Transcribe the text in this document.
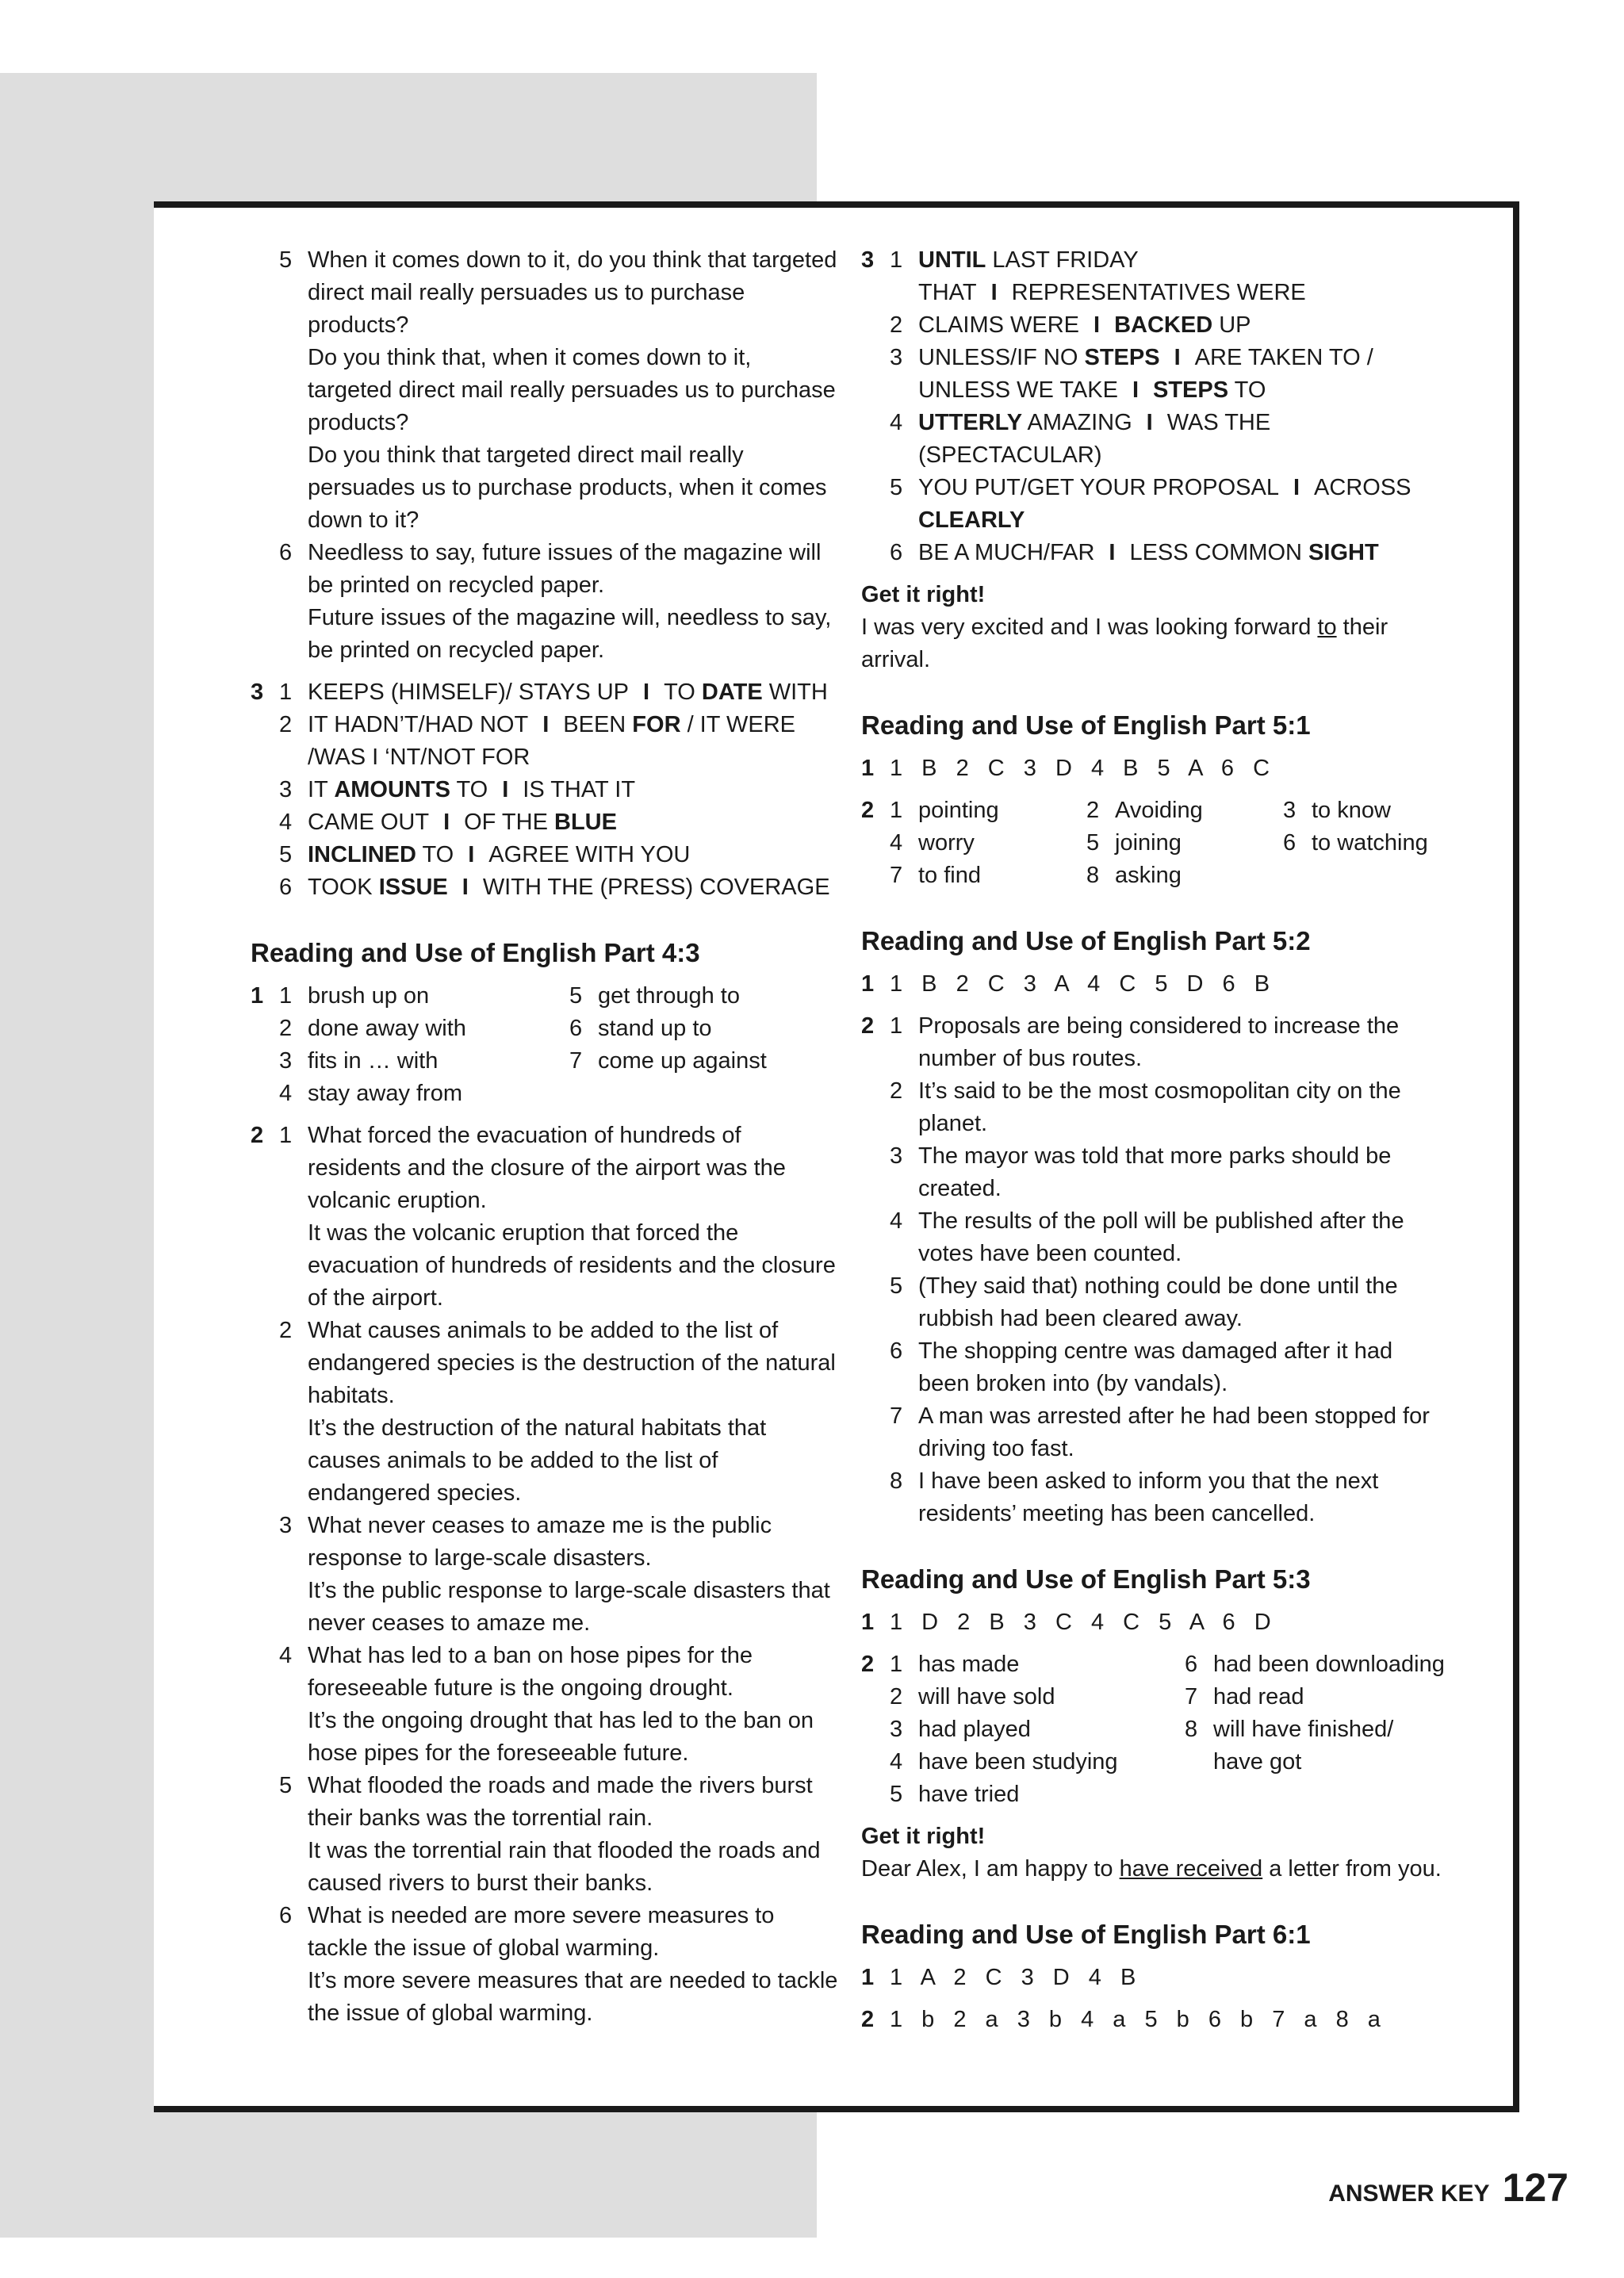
5 When it comes down to it, do you think that targeted direct mail really persuades us to purchase products?
Do you think that, when it comes down to it, targeted direct mail really persuades us to purchase products?
Do you think that targeted direct mail really persuades us to purchase products, when it comes down to it?
6 Needless to say, future issues of the magazine will be printed on recycled paper.
Future issues of the magazine will, needless to say, be printed on recycled paper.
3 1 KEEPS (HIMSELF)/ STAYS UP I TO DATE WITH
2 IT HADN’T/HAD NOT I BEEN FOR / IT WERE /WAS I ‘NT/NOT FOR
3 IT AMOUNTS TO I IS THAT IT
4 CAME OUT I OF THE BLUE
5 INCLINED TO I AGREE WITH YOU
6 TOOK ISSUE I WITH THE (PRESS) COVERAGE
Reading and Use of English Part 4:3
1 1 brush up on	5 get through to
2 done away with	6 stand up to
3 fits in … with	7 come up against
4 stay away from
2 1 What forced the evacuation of hundreds of residents and the closure of the airport was the volcanic eruption.
It was the volcanic eruption that forced the evacuation of hundreds of residents and the closure of the airport.
2 What causes animals to be added to the list of endangered species is the destruction of the natural habitats.
It’s the destruction of the natural habitats that causes animals to be added to the list of endangered species.
3 What never ceases to amaze me is the public response to large-scale disasters.
It’s the public response to large-scale disasters that never ceases to amaze me.
4 What has led to a ban on hose pipes for the foreseeable future is the ongoing drought.
It’s the ongoing drought that has led to the ban on hose pipes for the foreseeable future.
5 What flooded the roads and made the rivers burst their banks was the torrential rain.
It was the torrential rain that flooded the roads and caused rivers to burst their banks.
6 What is needed are more severe measures to tackle the issue of global warming.
It’s more severe measures that are needed to tackle the issue of global warming.
3 1 UNTIL LAST FRIDAY THAT I REPRESENTATIVES WERE
2 CLAIMS WERE I BACKED UP
3 UNLESS/IF NO STEPS I ARE TAKEN TO / UNLESS WE TAKE I STEPS TO
4 UTTERLY AMAZING I WAS THE (SPECTACULAR)
5 YOU PUT/GET YOUR PROPOSAL I ACROSS CLEARLY
6 BE A MUCH/FAR I LESS COMMON SIGHT
Get it right!
I was very excited and I was looking forward to their arrival.
Reading and Use of English Part 5:1
1 1 B 2 C 3 D 4 B 5 A 6 C
2 1 pointing	2 Avoiding	3 to know
4 worry	5 joining	6 to watching
7 to find	8 asking
Reading and Use of English Part 5:2
1 1 B 2 C 3 A 4 C 5 D 6 B
2 1 Proposals are being considered to increase the number of bus routes.
2 It’s said to be the most cosmopolitan city on the planet.
3 The mayor was told that more parks should be created.
4 The results of the poll will be published after the votes have been counted.
5 (They said that) nothing could be done until the rubbish had been cleared away.
6 The shopping centre was damaged after it had been broken into (by vandals).
7 A man was arrested after he had been stopped for driving too fast.
8 I have been asked to inform you that the next residents’ meeting has been cancelled.
Reading and Use of English Part 5:3
1 1 D 2 B 3 C 4 C 5 A 6 D
2 1 has made	6 had been downloading
2 will have sold	7 had read
3 had played	8 will have finished/
4 have been studying	have got
5 have tried
Get it right!
Dear Alex, I am happy to have received a letter from you.
Reading and Use of English Part 6:1
1 1 A 2 C 3 D 4 B
2 1 b 2 a 3 b 4 a 5 b 6 b 7 a 8 a
ANSWER KEY 127
